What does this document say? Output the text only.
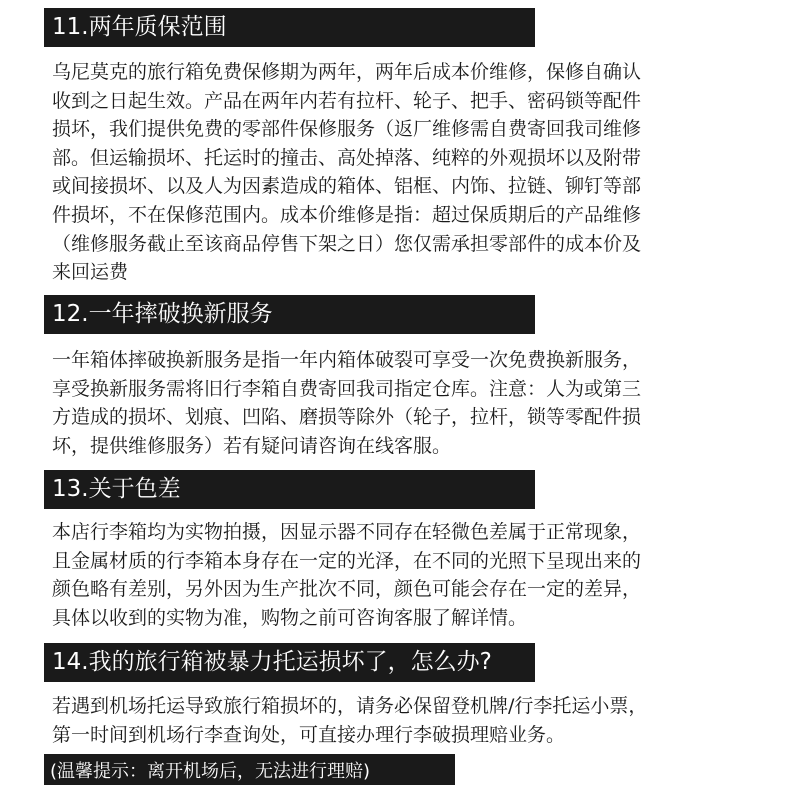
11.两年质保范围

乌尼莫克的旅行箱免费保修期为两年，两年后成本价维修，保修自确认
收到之日起生效。产品在两年内若有拉杆、轮子、把手、密码锁等配件
损坏，我们提供免费的零部件保修服务（返厂维修需自费寄回我司维修
部。但运输损坏、托运时的撞击、高处掉落、纯粹的外观损坏以及附带
或间接损坏、以及人为因素造成的箱体、铝框、内饰、拉链、铆钉等部
件损坏，不在保修范围内。成本价维修是指：超过保质期后的产品维修
（维修服务截止至该商品停售下架之日）您仅需承担零部件的成本价及
来回运费

12.一年摔破换新服务

一年箱体摔破换新服务是指一年内箱体破裂可享受一次免费换新服务，
享受换新服务需将旧行李箱自费寄回我司指定仓库。注意：人为或第三
方造成的损坏、划痕、凹陷、磨损等除外（轮子，拉杆，锁等零配件损
坏，提供维修服务）若有疑问请咨询在线客服。

13.关于色差

本店行李箱均为实物拍摄，因显示器不同存在轻微色差属于正常现象，
且金属材质的行李箱本身存在一定的光泽，在不同的光照下呈现出来的
颜色略有差别，另外因为生产批次不同，颜色可能会存在一定的差异，
具体以收到的实物为准，购物之前可咨询客服了解详情。

14.我的旅行箱被暴力托运损坏了，怎么办?

若遇到机场托运导致旅行箱损坏的，请务必保留登机牌/行李托运小票，
第一时间到机场行李查询处，可直接办理行李破损理赔业务。

(温馨提示：离开机场后，无法进行理赔)
